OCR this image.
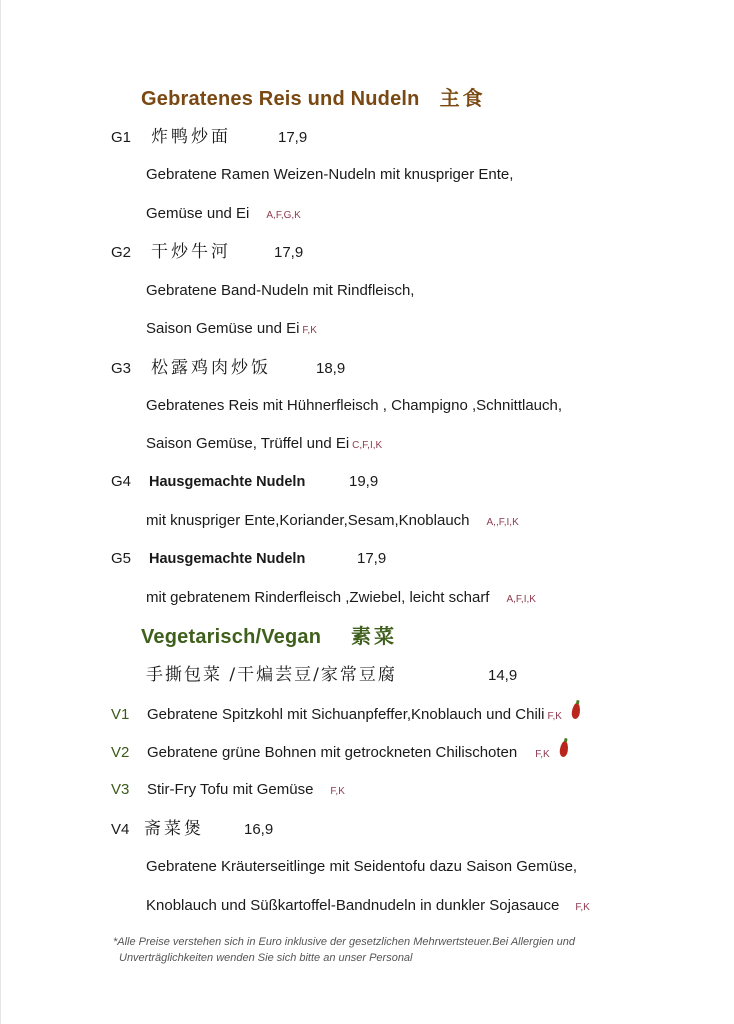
Gebratenes Reis und Nudeln 主食
G1	炸鸭炒面	17,9
Gebratene Ramen Weizen-Nudeln mit knuspriger Ente,
Gemüse und Ei A,F,G,K
G2	干炒牛河	17,9
Gebratene Band-Nudeln mit Rindfleisch,
Saison Gemüse und Ei F,K
G3	松露鸡肉炒饭	18,9
Gebratenes Reis mit Hühnerfleisch , Champigno ,Schnittlauch,
Saison Gemüse, Trüffel und Ei C,F,I,K
G4	Hausgemachte Nudeln	19,9
mit knuspriger Ente,Koriander,Sesam,Knoblauch A,,F,I,K
G5	Hausgemachte Nudeln	17,9
mit gebratenem Rinderfleisch ,Zwiebel, leicht scharf A,F,I,K
Vegetarisch/Vegan	素菜
手撕包菜 /干煸芸豆/家常豆腐	14,9
V1	Gebratene Spitzkohl mit Sichuanpfeffer,Knoblauch und Chili F,K
V2	Gebratene grüne Bohnen mit getrockneten Chilischoten F,K
V3	Stir-Fry Tofu mit Gemüse F,K
V4 斋菜煲	16,9
Gebratene Kräuterseitlinge mit Seidentofu dazu Saison Gemüse,
Knoblauch und Süßkartoffel-Bandnudeln in dunkler Sojasauce F,K
*Alle Preise verstehen sich in Euro inklusive der gesetzlichen Mehrwertsteuer.Bei Allergien und
Unverträglichkeiten wenden Sie sich bitte an unser Personal
